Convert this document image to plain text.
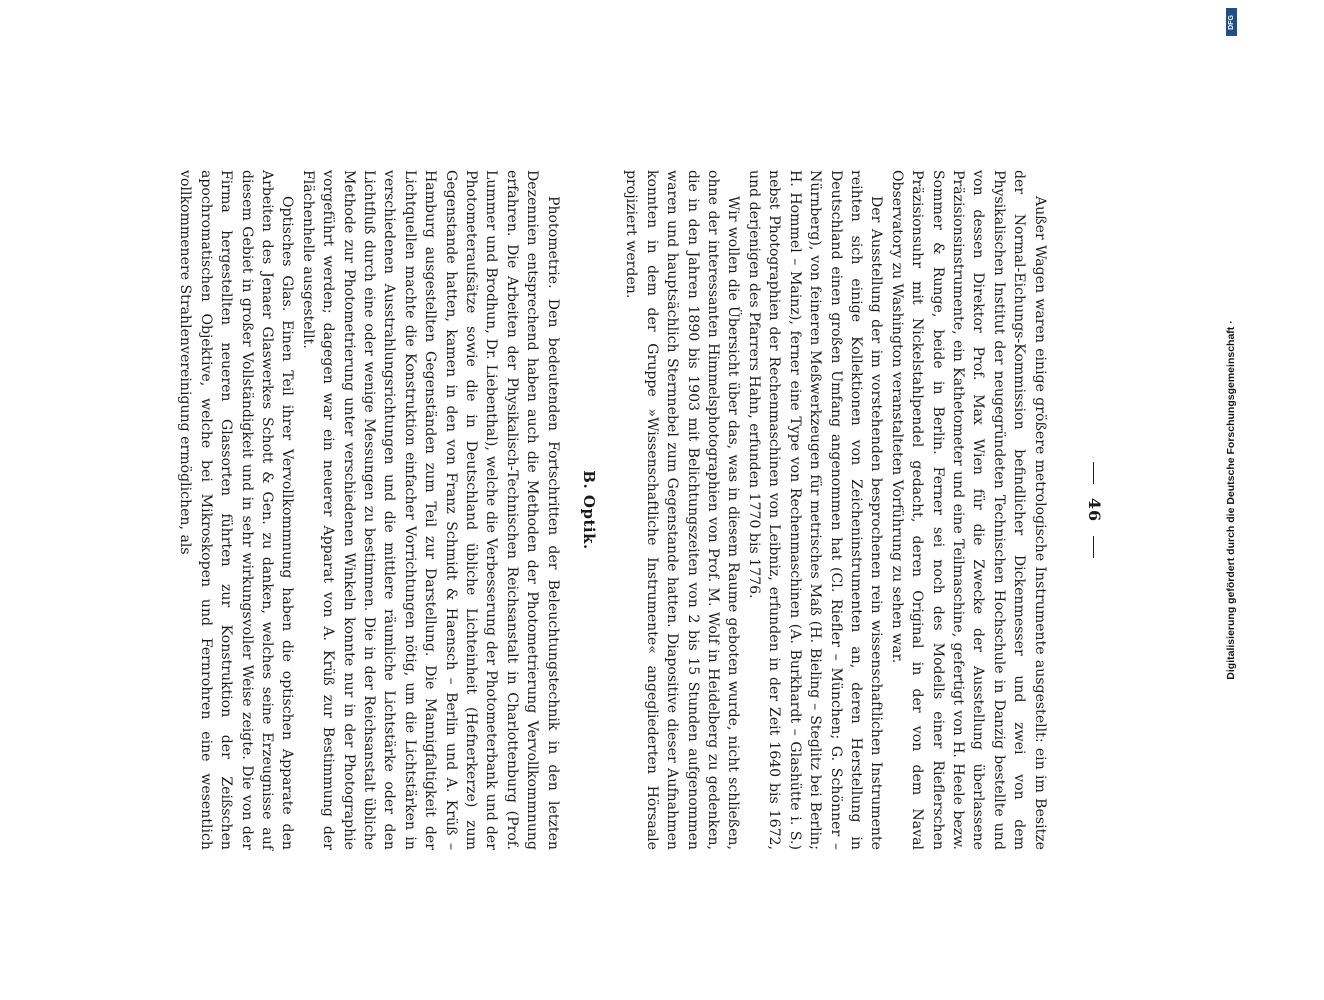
46

Außer Wagen waren einige größere metrologische Instrumente ausgestellt: ein im Besitze der Normal-Eichungs-Kommission befindlicher Dickenmesser und zwei von dem Physikalischen Institut der neugegründeten Technischen Hochschule in Danzig bestellte und von dessen Direktor Prof. Max Wien für die Zwecke der Ausstellung überlassene Präzisionsinstrumente, ein Kathetometer und eine Teilmaschine, gefertigt von H. Heele bezw. Sommer & Runge, beide in Berlin. Ferner sei noch des Modells einer Rieflerschen Präzisionsuhr mit Nickelstahlpendel gedacht, deren Original in der von dem Naval Observatory zu Washington veranstalteten Vorführung zu sehen war.

Der Ausstellung der im vorstehenden besprochenen rein wissenschaftlichen Instrumente reihten sich einige Kollektionen von Zeicheninstrumenten an, deren Herstellung in Deutschland einen großen Umfang angenommen hat (Cl. Riefler – München; G. Schönner – Nürnberg), von feineren Meßwerkzeugen für metrisches Maß (H. Bieling – Steglitz bei Berlin; H. Hommel – Mainz), ferner eine Type von Rechenmaschinen (A. Burkhardt – Glashütte i. S.) nebst Photographien der Rechenmaschinen von Leibniz, erfunden in der Zeit 1640 bis 1672, und derjenigen des Pfarrers Hahn, erfunden 1770 bis 1776.

Wir wollen die Übersicht über das, was in diesem Raume geboten wurde, nicht schließen, ohne der interessanten Himmelsphotographien von Prof. M. Wolf in Heidelberg zu gedenken, die in den Jahren 1890 bis 1903 mit Belichtungszeiten von 2 bis 15 Stunden aufgenommen waren und hauptsächlich Sternnebel zum Gegenstande hatten. Diapositive dieser Aufnahmen konnten in dem der Gruppe »Wissenschaftliche Instrumente« angegliederten Hörsaale projiziert werden.

B. Optik.

Photometrie. Den bedeutenden Fortschritten der Beleuchtungstechnik in den letzten Dezennien entsprechend haben auch die Methoden der Photometrierung Vervollkommnung erfahren. Die Arbeiten der Physikalisch-Technischen Reichsanstalt in Charlottenburg (Prof. Lummer und Brodhun, Dr. Liebenthal), welche die Verbesserung der Photometerbank und der Photometeraufsätze sowie die in Deutschland übliche Lichteinheit (Hefnerkerze) zum Gegenstande hatten, kamen in den von Franz Schmidt & Haensch – Berlin und A. Krüß – Hamburg ausgestellten Gegenständen zum Teil zur Darstellung. Die Mannigfaltigkeit der Lichtquellen machte die Konstruktion einfacher Vorrichtungen nötig, um die Lichtstärken in verschiedenen Ausstrahlungsrichtungen und die mittlere räumliche Lichtstärke oder den Lichtfluß durch eine oder wenige Messungen zu bestimmen. Die in der Reichsanstalt übliche Methode zur Photometrierung unter verschiedenen Winkeln konnte nur in der Photographie vorgeführt werden; dagegen war ein neuerer Apparat von A. Krüß zur Bestimmung der Flächenhelle ausgestellt.

Optisches Glas. Einen Teil ihrer Vervollkommnung haben die optischen Apparate den Arbeiten des Jenaer Glaswerkes Schott & Gen. zu danken, welches seine Erzeugnisse auf diesem Gebiet in großer Vollständigkeit und in sehr wirkungsvoller Weise zeigte. Die von der Firma hergestellten neueren Glassorten führten zur Konstruktion der Zeißschen apochromatischen Objektive, welche bei Mikroskopen und Fernrohren eine wesentlich vollkommenere Strahlenvereinigung ermöglichen, als

DFG
Digitalisierung gefördert durch die Deutsche Forschungsgemeinschaft ·
